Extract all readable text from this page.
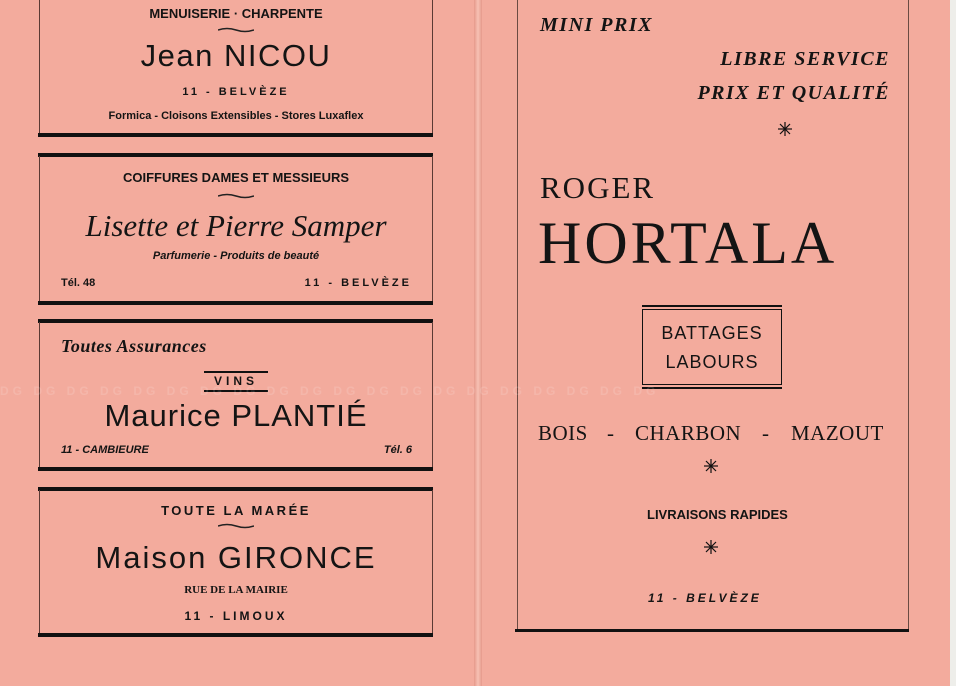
MENUISERIE · CHARPENTE
Jean NICOU
11 - BELVÈZE
Formica - Cloisons Extensibles - Stores Luxaflex
COIFFURES DAMES ET MESSIEURS
Lisette et Pierre Samper
Parfumerie - Produits de beauté
Tél. 48	11 - BELVÈZE
Toutes Assurances
VINS
Maurice PLANTIÉ
11 - CAMBIEURE	Tél. 6
TOUTE LA MARÉE
Maison GIRONCE
RUE DE LA MAIRIE
11 - LIMOUX
MINI PRIX
LIBRE SERVICE
PRIX ET QUALITÉ
ROGER
HORTALA
BATTAGES
LABOURS
BOIS - CHARBON - MAZOUT
LIVRAISONS RAPIDES
11 - BELVÈZE
DG DG DG DG DG DG DG DG DG DG DG DG DG DG DG DG DG DG DG DG
